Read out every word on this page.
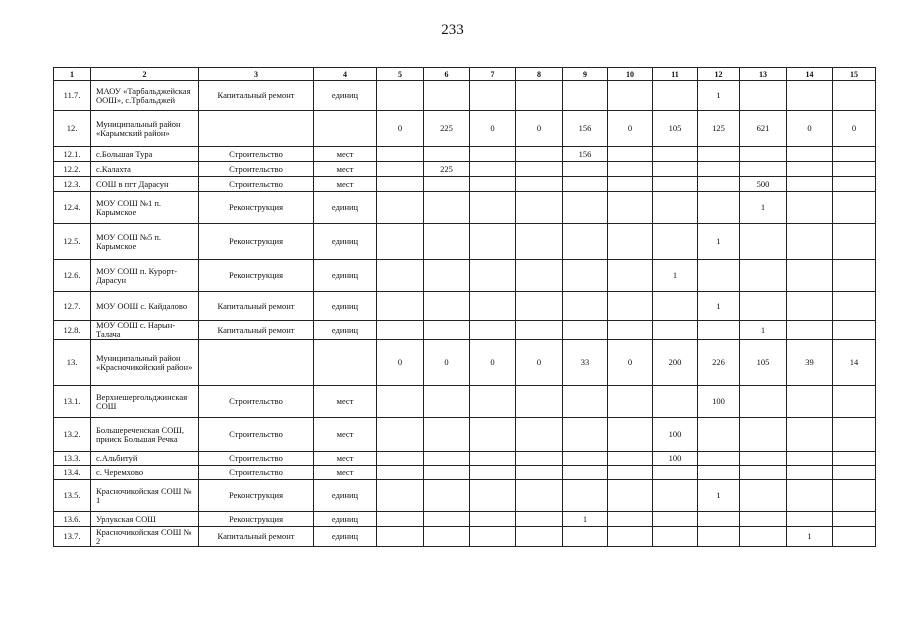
233
1	2	3	4	5	6	7	8	9	10	11	12	13	14	15
11.7.	МАОУ «Тарбальджейская ООШ», с.Трбальджей	Капитальный ремонт	единиц								1			
12.	Муниципальный район «Карымский район»			0	225	0	0	156	0	105	125	621	0	0
12.1.	с.Большая Тура	Строительство	мест					156						
12.2.	с.Калахта	Строительство	мест		225									
12.3.	СОШ в пгт Дарасун	Строительство	мест									500		
12.4.	МОУ СОШ №1 п. Карымское	Реконструкция	единиц									1		
12.5.	МОУ СОШ №5 п. Карымское	Реконструкция	единиц								1			
12.6.	МОУ СОШ п. Курорт-Дарасун	Реконструкция	единиц							1				
12.7.	МОУ ООШ с. Кайдалово	Капитальный ремонт	единиц								1			
12.8.	МОУ СОШ с. Нарын-Талача	Капитальный ремонт	единиц									1		
13.	Муниципальный район «Красночикойский район»			0	0	0	0	33	0	200	226	105	39	14
13.1.	Верхнешергольджинская СОШ	Строительство	мест								100			
13.2.	Большереченская СОШ, прииск Большая Речка	Строительство	мест							100				
13.3.	с.Альбитуй	Строительство	мест							100				
13.4.	с. Черемхово	Строительство	мест											
13.5.	Красночикойская СОШ № 1	Реконструкция	единиц								1			
13.6.	Урлукская СОШ	Реконструкция	единиц					1						
13.7.	Красночикойская СОШ № 2	Капитальный ремонт	единиц										1	
